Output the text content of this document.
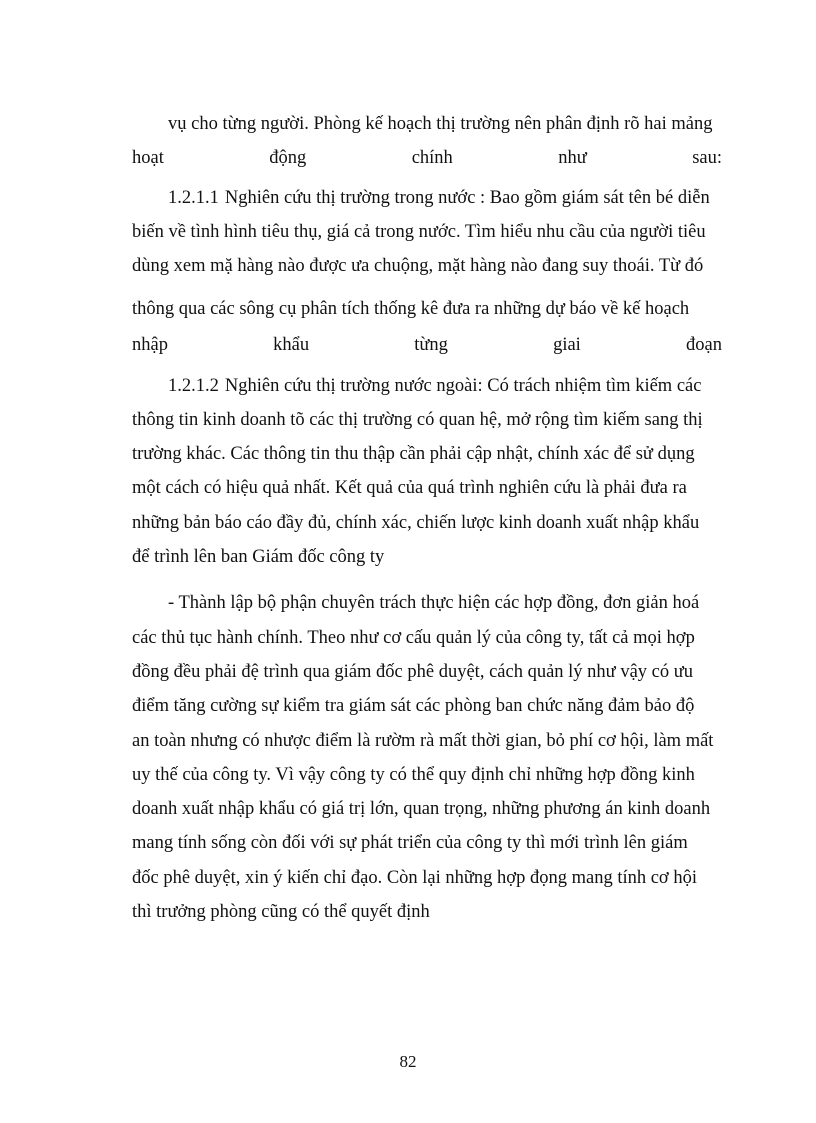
vụ cho từng người. Phòng kế hoạch thị trường nên phân định rõ hai mảng
hoạt	động	chính	như	sau:
1.2.1.1 Nghiên cứu thị trường trong nước : Bao gồm giám sát tên bé diễn
biến về tình hình tiêu thụ, giá cả trong nước. Tìm hiểu nhu cầu của người tiêu
dùng xem mặ hàng nào được ưa chuộng, mặt hàng nào đang suy thoái. Từ đó
thông qua các sông cụ phân tích thống kê đưa ra những dự báo về kế hoạch
nhập	khẩu	từng	giai	đoạn
1.2.1.2 Nghiên cứu thị trường nước ngoài: Có trách nhiệm tìm kiếm các
thông tin kinh doanh tõ các thị trường có quan hệ, mở rộng tìm kiếm sang thị
trường khác. Các thông tin thu thập cần phải cập nhật, chính xác để sử dụng
một cách có hiệu quả nhất. Kết quả của quá trình nghiên cứu là phải đưa ra
những bản báo cáo đầy đủ, chính xác, chiến lược kinh doanh xuất nhập khẩu
để trình lên ban Giám đốc công ty
- Thành lập bộ phận chuyên trách thực hiện các hợp đồng, đơn giản hoá
các thủ tục hành chính. Theo như cơ cấu quản lý của công ty, tất cả mọi hợp
đồng đều phải đệ trình qua giám đốc phê duyệt, cách quản lý như vậy có ưu
điểm tăng cường sự kiểm tra giám sát các phòng ban chức năng đảm bảo độ
an toàn nhưng có nhược điểm là rườm rà mất thời gian, bỏ phí cơ hội, làm mất
uy thế của công ty. Vì vậy công ty có thể quy định chỉ những hợp đồng kinh
doanh xuất nhập khẩu có giá trị lớn, quan trọng, những phương án kinh doanh
mang tính sống còn đối với sự phát triển của công ty thì mới trình lên giám
đốc phê duyệt, xin ý kiến chỉ đạo. Còn lại những hợp đọng mang tính cơ hội
thì trưởng phòng cũng có thể quyết định
82
